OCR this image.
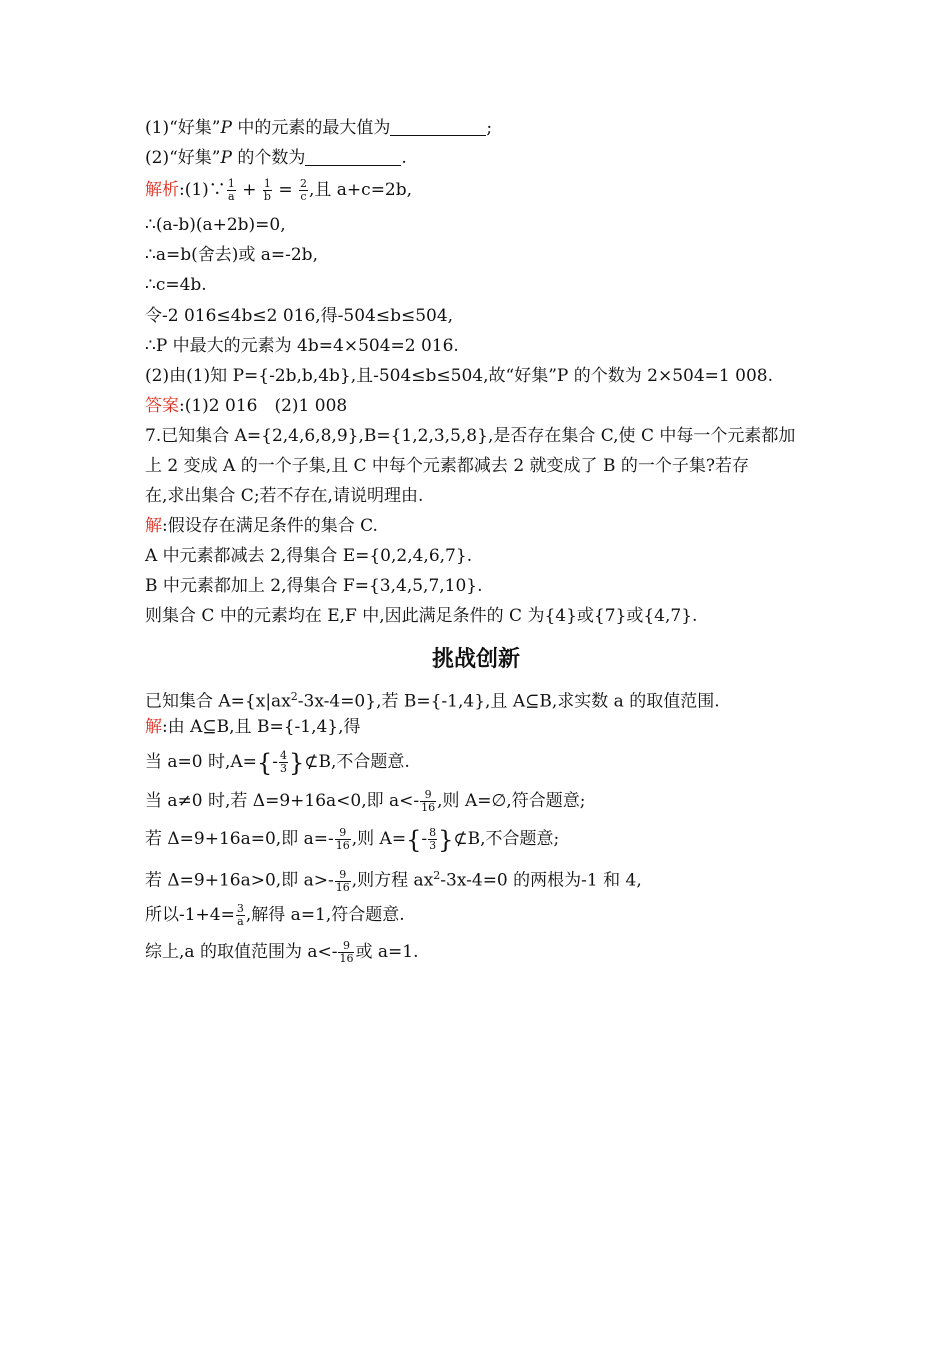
(1)“好集”P 中的元素的最大值为	;
(2)“好集”P 的个数为	.
解析:(1)∵ $\frac{1}{a} + \frac{1}{b} = \frac{2}{c}$ ,且 a+c=2b,
∴(a-b)(a+2b)=0,
∴a=b(舍去)或 a=-2b,
∴c=4b.
令-2 016≤4b≤2 016,得-504≤b≤504,
∴P 中最大的元素为 4b=4×504=2 016.
(2)由(1)知 P={-2b,b,4b},且-504≤b≤504,故“好集”P 的个数为 2×504=1 008.
答案:(1)2 016　(2)1 008
7.已知集合 A={2,4,6,8,9},B={1,2,3,5,8},是否存在集合 C,使 C 中每一个元素都加
上 2 变成 A 的一个子集,且 C 中每个元素都减去 2 就变成了 B 的一个子集?若存
在,求出集合 C;若不存在,请说明理由.
解:假设存在满足条件的集合 C.
A 中元素都减去 2,得集合 E={0,2,4,6,7}.
B 中元素都加上 2,得集合 F={3,4,5,7,10}.
则集合 C 中的元素均在 E,F 中,因此满足条件的 C 为{4}或{7}或{4,7}.
挑战创新
已知集合 $A=\{x|ax^2-3x-4=0\}$,若 B={-1,4},且 A⊆B,求实数 a 的取值范围.
解:由 A⊆B,且 B={-1,4},得
当 a=0 时$,A=\{- \frac{4}{3}$ }⊄B,不合题意.
当 a≠0 时,若 Δ=9+16a<0,即 $a<- \frac{9}{16}$ ,则 A=∅,符合题意;
若 Δ=9+16a=0,即 $a=- \frac{9}{16}$ ,则 $A=\{- \frac{8}{3}$ }⊄B,不合题意;
若 Δ=9+16a>0,即 $a>- \frac{9}{16}$ ,则方程 $ax^2-3x-4=0$ 的两根为-1 和 4,
所以$-1+4= \frac{3}{a}$ ,解得 a=1,符合题意.
综上,a 的取值范围为 $a<- \frac{9}{16}$ 或 a=1.
